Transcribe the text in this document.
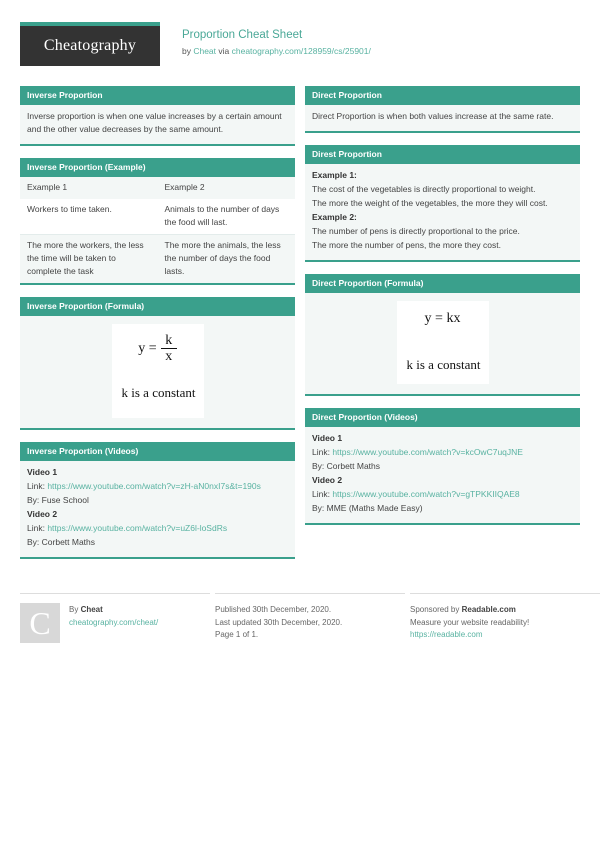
Cheatography
Proportion Cheat Sheet
by Cheat via cheatography.com/128959/cs/25901/
Inverse Proportion

Inverse proportion is when one value increases by a certain amount and the other value decreases by the same amount.

Inverse Proportion (Example)
Example 1	Example 2
Workers to time taken.	Animals to the number of days the food will last.
The more the workers, the less the time will be taken to complete the task	The more the animals, the less the number of days the food lasts.
Inverse Proportion (Formula)
$y = \frac{k}{x}$
k is a constant
Inverse Proportion (Videos)

Video 1

Link: https://www.youtube.com/watch?v=zH-aN0nxI7s&t=190s

By: Fuse School

Video 2

Link: https://www.youtube.com/watch?v=uZ6l-loSdRs

By: Corbett Maths

Direct Proportion

Direct Proportion is when both values increase at the same rate.

Direst Proportion

Example 1:

The cost of the vegetables is directly proportional to weight.

The more the weight of the vegetables, the more they will cost.

Example 2:

The number of pens is directly proportional to the price.

The more the number of pens, the more they cost.

Direct Proportion (Formula)
y = kx
k is a constant
Direct Proportion (Videos)

Video 1

Link: https://www.youtube.com/watch?v=kcOwC7uqJNE

By: Corbett Maths

Video 2

Link: https://www.youtube.com/watch?v=gTPKKIIQAE8

By: MME (Maths Made Easy)

C	By Cheat
cheatography.com/cheat/
Published 30th December, 2020.
Last updated 30th December, 2020.
Page 1 of 1.
Sponsored by Readable.com
Measure your website readability!
https://readable.com
